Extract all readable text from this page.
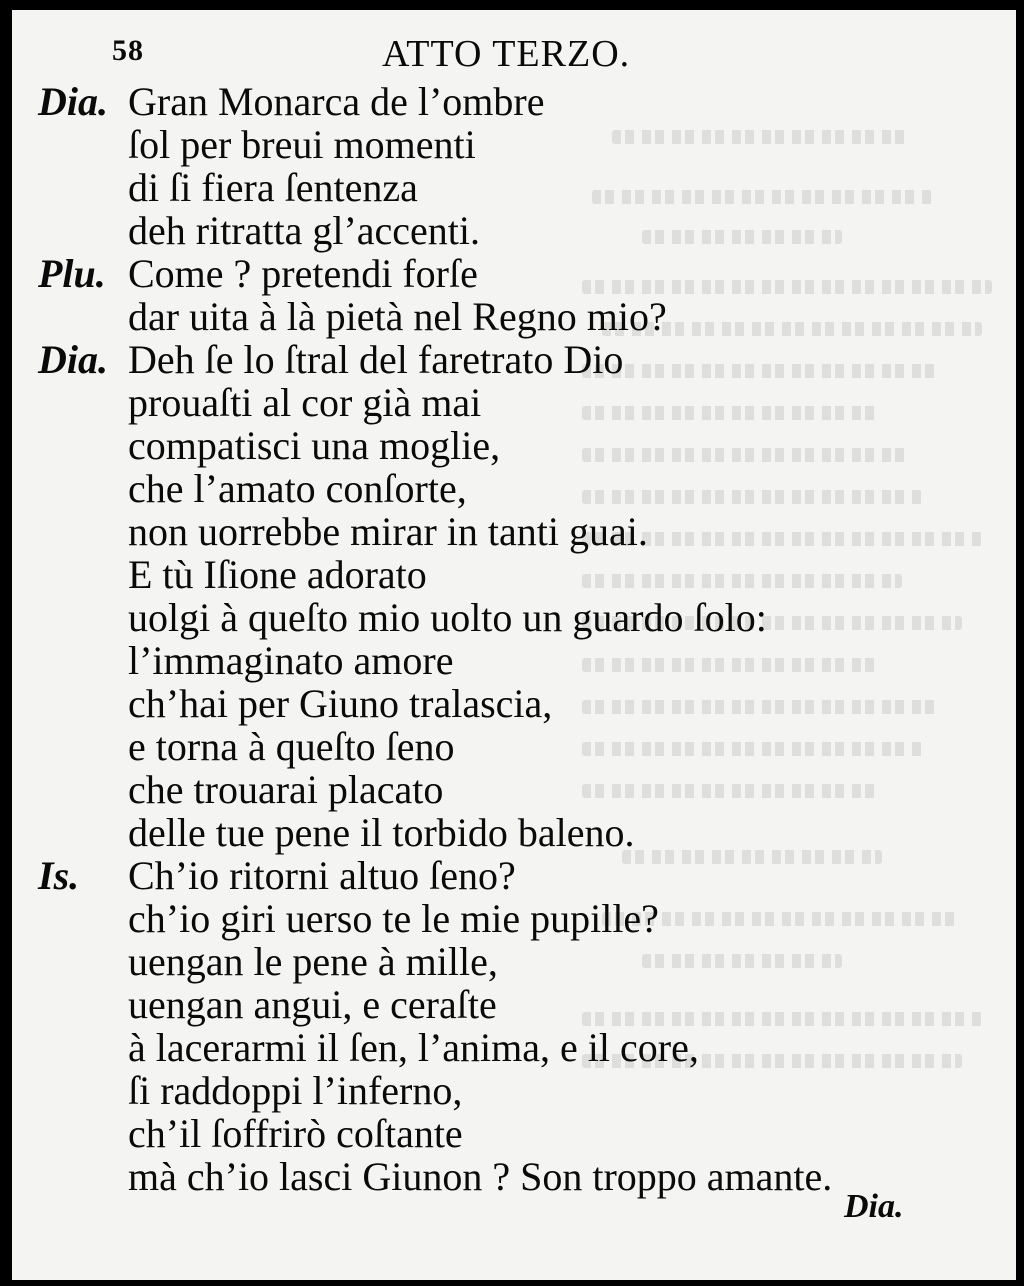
58	ATTO TERZO.
Dia. Gran Monarca de l’ombre
ſol per breui momenti
di ſi fiera ſentenza
deh ritratta gl’accenti.
Plu. Come ? pretendi forſe
dar uita à là pietà nel Regno mio?
Dia. Deh ſe lo ſtral del faretrato Dio
prouaſti al cor già mai
compatisci una moglie,
che l’amato conſorte,
non uorrebbe mirar in tanti guai.
E tù Iſione adorato
uolgi à queſto mio uolto un guardo ſolo:
l’immaginato amore
ch’hai per Giuno tralascia,
e torna à queſto ſeno
che trouarai placato
delle tue pene il torbido baleno.
Is. Ch’io ritorni altuo ſeno?
ch’io giri uerso te le mie pupille?
uengan le pene à mille,
uengan angui, e ceraſte
à lacerarmi il ſen, l’anima, e il core,
ſi raddoppi l’inferno,
ch’il ſoffrirò coſtante
mà ch’io lasci Giunon ? Son troppo amante.
Dia.
